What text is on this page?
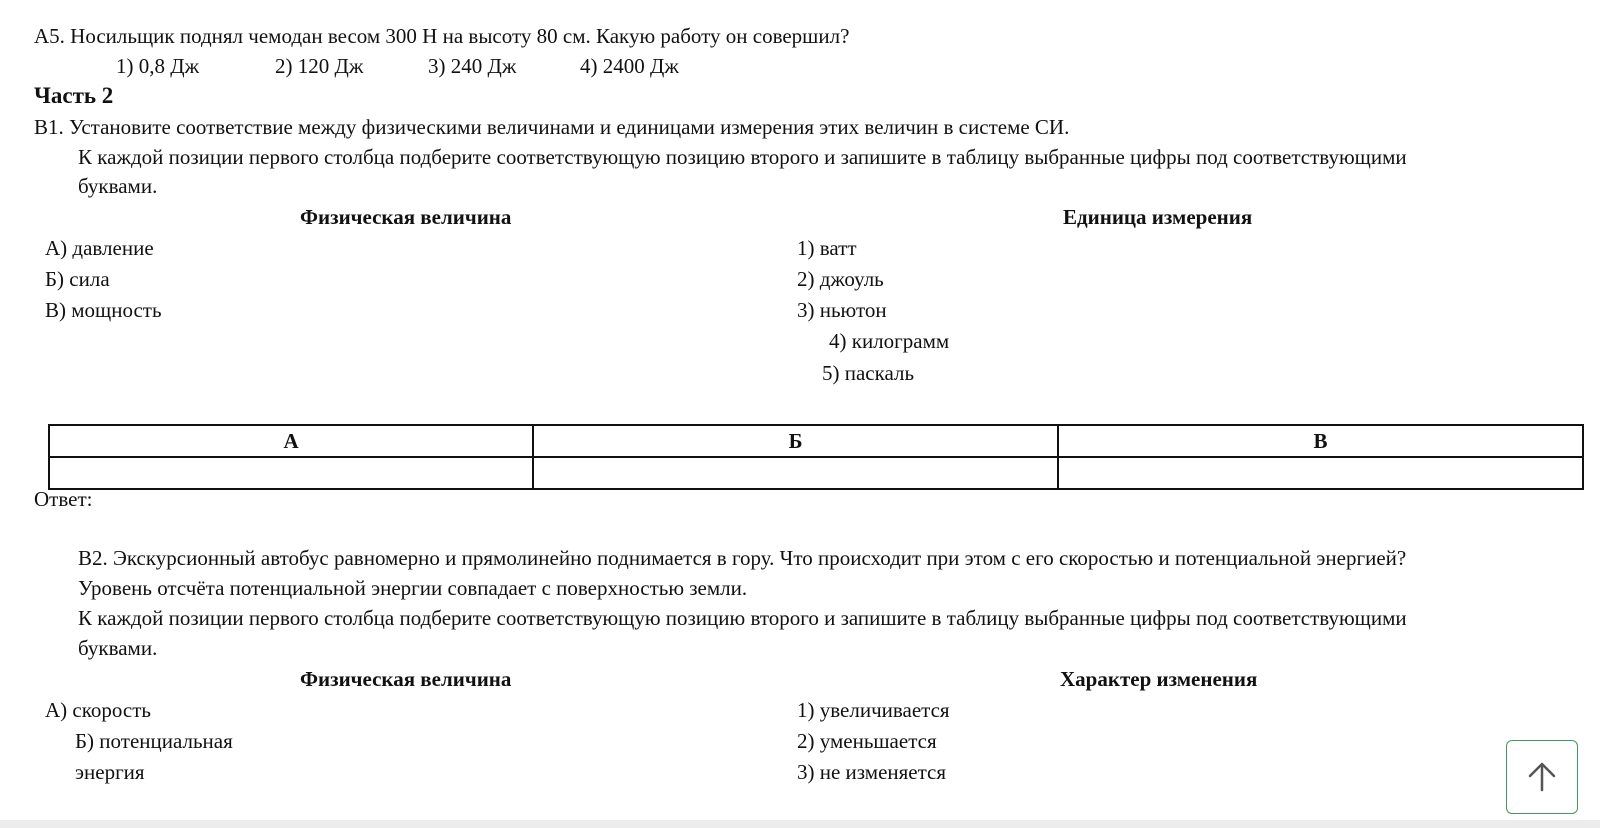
А5. Носильщик поднял чемодан весом 300 Н на высоту 80 см. Какую работу он совершил?
1) 0,8 Дж	2) 120 Дж	3) 240 Дж	4) 2400 Дж
Часть 2
В1. Установите соответствие между физическими величинами и единицами измерения этих величин в системе СИ.
К каждой позиции первого столбца подберите соответствующую позицию второго и запишите в таблицу выбранные цифры под соответствующими
буквами.
Физическая величина	Единица измерения
А) давление
Б) сила
В) мощность
1) ватт
2) джоуль
3) ньютон
4) килограмм
5) паскаль
А	Б	В

Ответ:
В2. Экскурсионный автобус равномерно и прямолинейно поднимается в гору. Что происходит при этом с его скоростью и потенциальной энергией?
Уровень отсчёта потенциальной энергии совпадает с поверхностью земли.
К каждой позиции первого столбца подберите соответствующую позицию второго и запишите в таблицу выбранные цифры под соответствующими
буквами.
Физическая величина	Характер изменения
А) скорость
Б) потенциальная
энергия
1) увеличивается
2) уменьшается
3) не изменяется
